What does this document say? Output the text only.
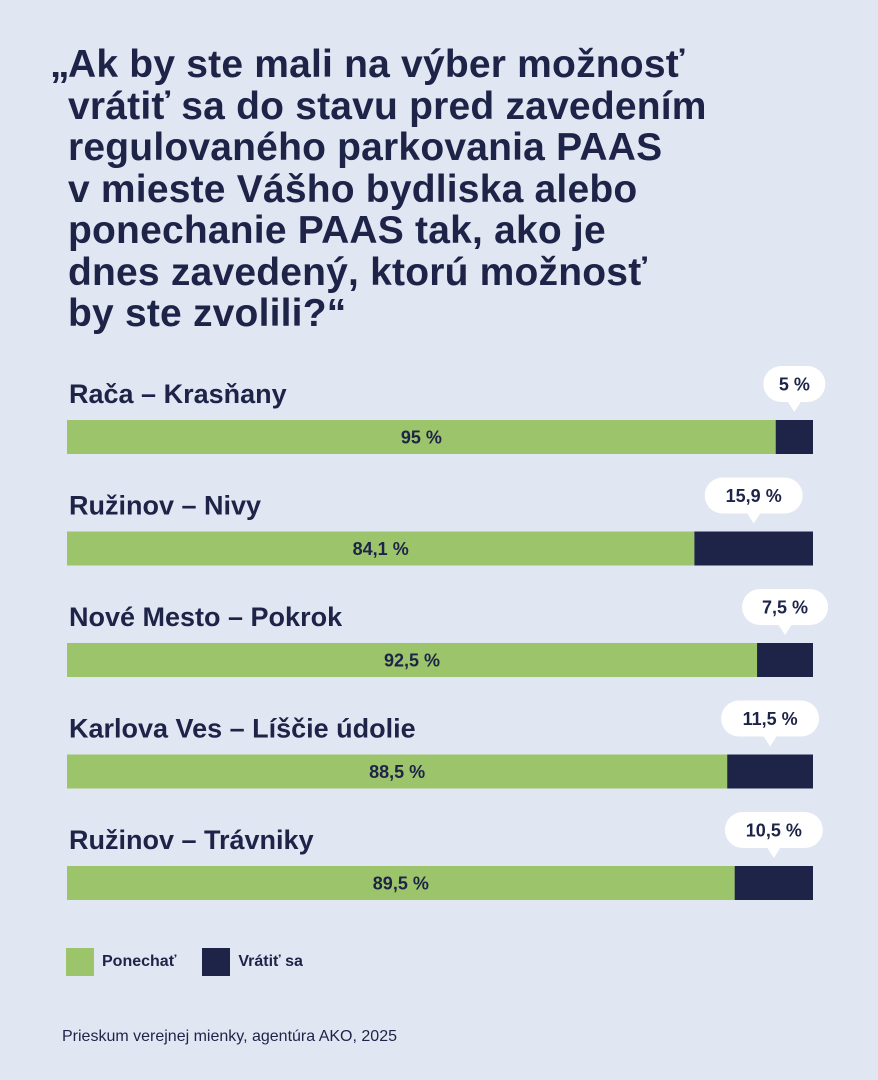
„Ak by ste mali na výber možnosť
vrátiť sa do stavu pred zavedením
regulovaného parkovania PAAS
v mieste Vášho bydliska alebo
ponechanie PAAS tak, ako je
dnes zavedený, ktorú možnosť
by ste zvolili?“
Rača – Krasňany
95 %
5 %
Ružinov – Nivy
84,1 %
15,9 %
Nové Mesto – Pokrok
92,5 %
7,5 %
Karlova Ves – Líščie údolie
88,5 %
11,5 %
Ružinov – Trávniky
89,5 %
10,5 %
Ponechať	Vrátiť sa
Prieskum verejnej mienky, agentúra AKO, 2025
